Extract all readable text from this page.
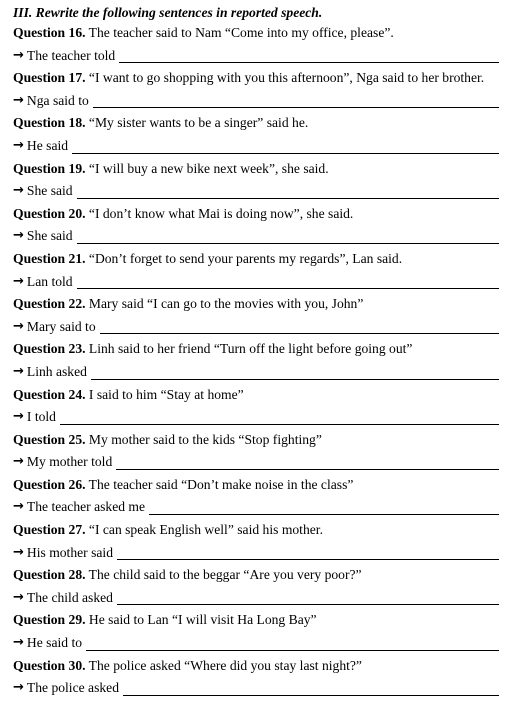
III. Rewrite the following sentences in reported speech.
Question 16. The teacher said to Nam “Come into my office, please”.
→ The teacher told
Question 17. “I want to go shopping with you this afternoon”, Nga said to her brother.
→ Nga said to
Question 18. “My sister wants to be a singer” said he.
→ He said
Question 19. “I will buy a new bike next week”, she said.
→ She said
Question 20. “I don’t know what Mai is doing now”, she said.
→ She said
Question 21. “Don’t forget to send your parents my regards”, Lan said.
→ Lan told
Question 22. Mary said “I can go to the movies with you, John”
→ Mary said to
Question 23. Linh said to her friend “Turn off the light before going out”
→ Linh asked
Question 24. I said to him “Stay at home”
→ I told
Question 25. My mother said to the kids “Stop fighting”
→ My mother told
Question 26. The teacher said “Don’t make noise in the class”
→ The teacher asked me
Question 27. “I can speak English well” said his mother.
→ His mother said
Question 28. The child said to the beggar “Are you very poor?”
→ The child asked
Question 29. He said to Lan “I will visit Ha Long Bay”
→ He said to
Question 30. The police asked “Where did you stay last night?”
→ The police asked
